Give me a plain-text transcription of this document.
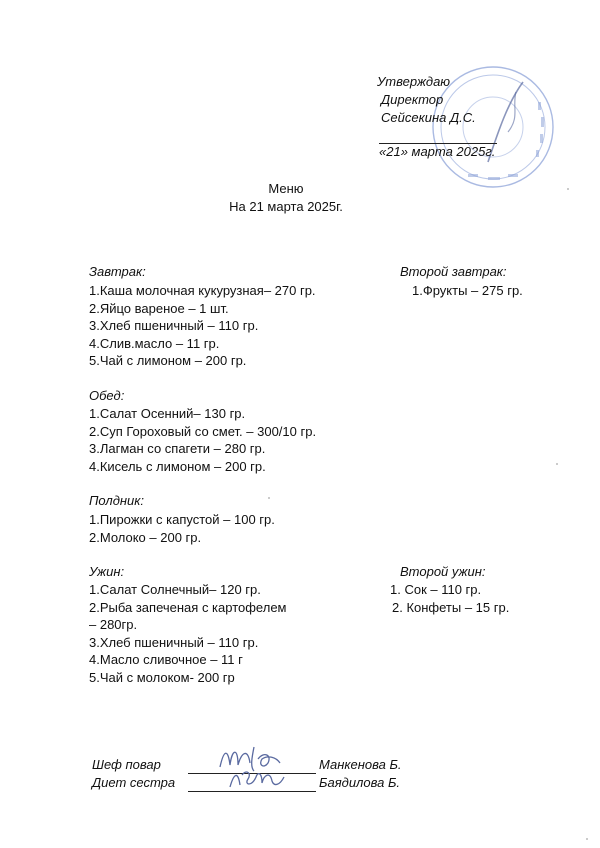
Утверждаю
Директор
Сейсекина Д.С.
«21» марта 2025г.
Меню
На 21 марта 2025г.
Завтрак:
1.Каша молочная кукурузная– 270 гр.
2.Яйцо вареное – 1 шт.
3.Хлеб пшеничный – 110 гр.
4.Слив.масло – 11 гр.
5.Чай с лимоном – 200 гр.
Второй завтрак:
1.Фрукты – 275 гр.
Обед:
1.Салат Осенний– 130 гр.
2.Суп Гороховый со смет. – 300/10 гр.
3.Лагман со спагети – 280 гр.
4.Кисель с лимоном – 200 гр.
Полдник:
1.Пирожки с капустой – 100 гр.
2.Молоко – 200 гр.
Ужин:
1.Салат Солнечный– 120 гр.
2.Рыба запеченая с картофелем
– 280гр.
3.Хлеб пшеничный – 110 гр.
4.Масло сливочное – 11 г
5.Чай с молоком- 200 гр
Второй ужин:
1. Сок – 110 гр.
2. Конфеты – 15 гр.
Шеф повар	Манкенова Б.
Диет сестра	Баядилова Б.
